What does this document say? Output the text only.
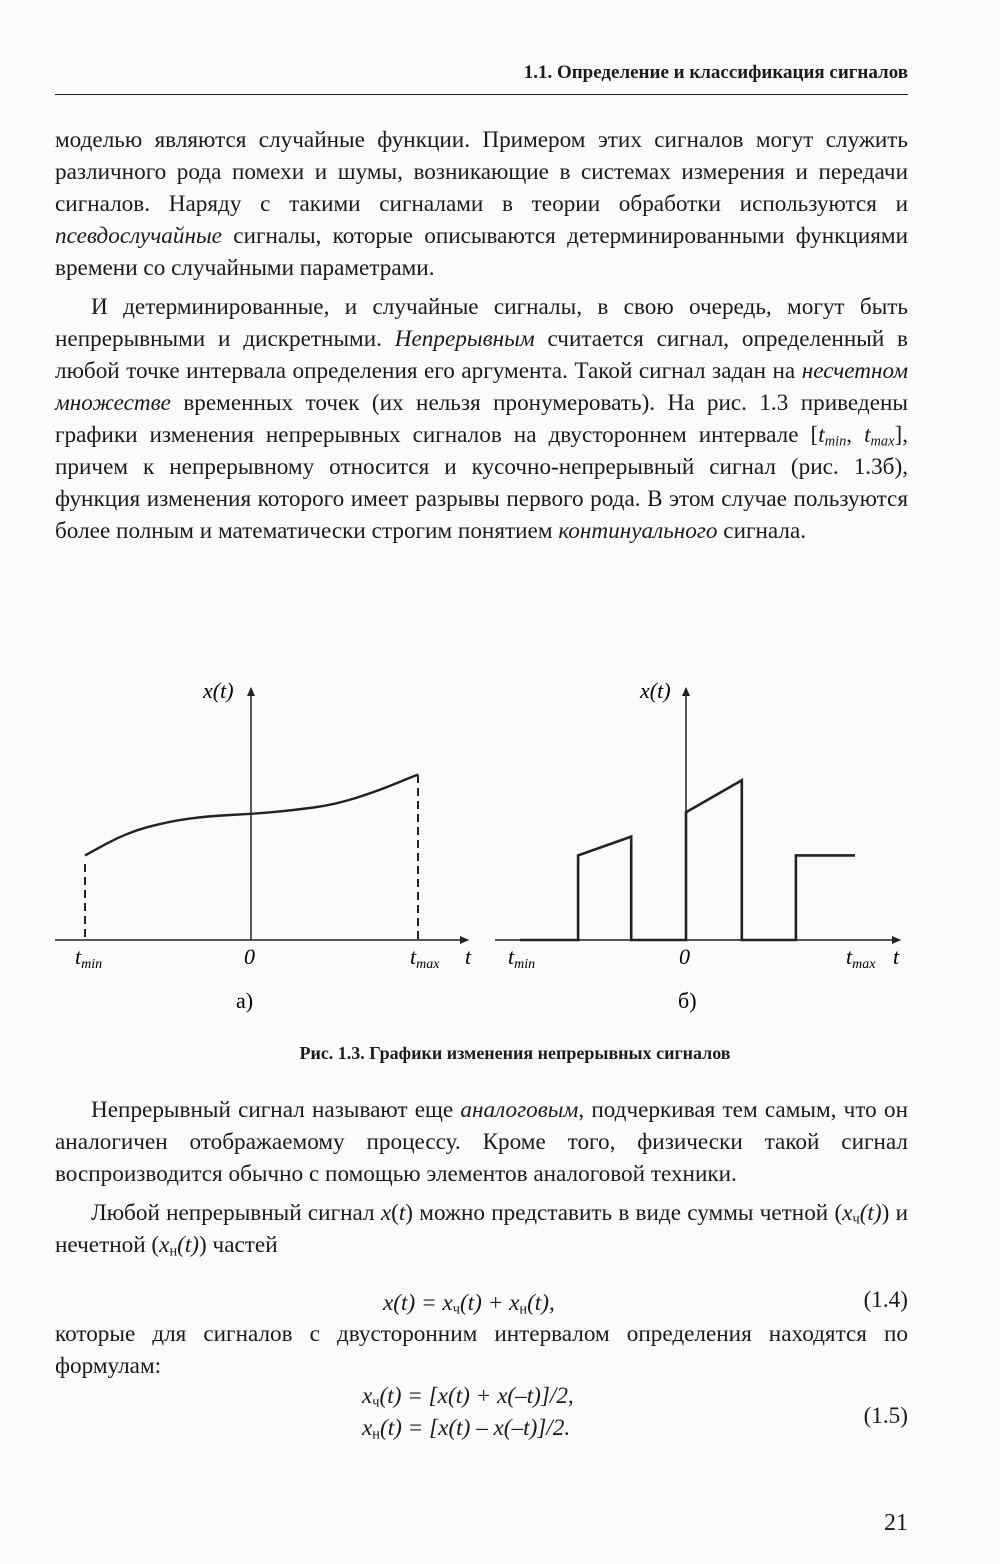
1.1. Определение и классификация сигналов

моделью являются случайные функции. Примером этих сигналов могут служить различного рода помехи и шумы, возникающие в системах измерения и передачи сигналов. Наряду с такими сигналами в теории обработки используются и псевдослучайные сигналы, которые описываются детерминированными функциями времени со случайными параметрами.

И детерминированные, и случайные сигналы, в свою очередь, могут быть непрерывными и дискретными. Непрерывным считается сигнал, определенный в любой точке интервала определения его аргумента. Такой сигнал задан на несчетном множестве временных точек (их нельзя пронумеровать). На рис. 1.3 приведены графики изменения непрерывных сигналов на двустороннем интервале [$t_{min}$, $t_{max}$], причем к непрерывному относится и кусочно-непрерывный сигнал (рис. 1.3б), функция изменения которого имеет разрывы первого рода. В этом случае пользуются более полным и математически строгим понятием континуального сигнала.

x(t)
t
tmin	0	tmax
а)
x(t)
t
tmin	0	tmax
б)
Рис. 1.3. Графики изменения непрерывных сигналов

Непрерывный сигнал называют еще аналоговым, подчеркивая тем самым, что он аналогичен отображаемому процессу. Кроме того, физически такой сигнал воспроизводится обычно с помощью элементов аналоговой техники.

Любой непрерывный сигнал x(t) можно представить в виде суммы четной $(x_ч(t))$ и нечетной $(x_н(t))$ частей

$x(t) = x_ч(t) + x_н(t)$,	(1.4)
которые для сигналов с двусторонним интервалом определения находятся по формулам:
$x_ч(t) = [x(t) + x(-t)]/2$,
$x_н(t) = [x(t) - x(-t)]/2$.	(1.5)
21
